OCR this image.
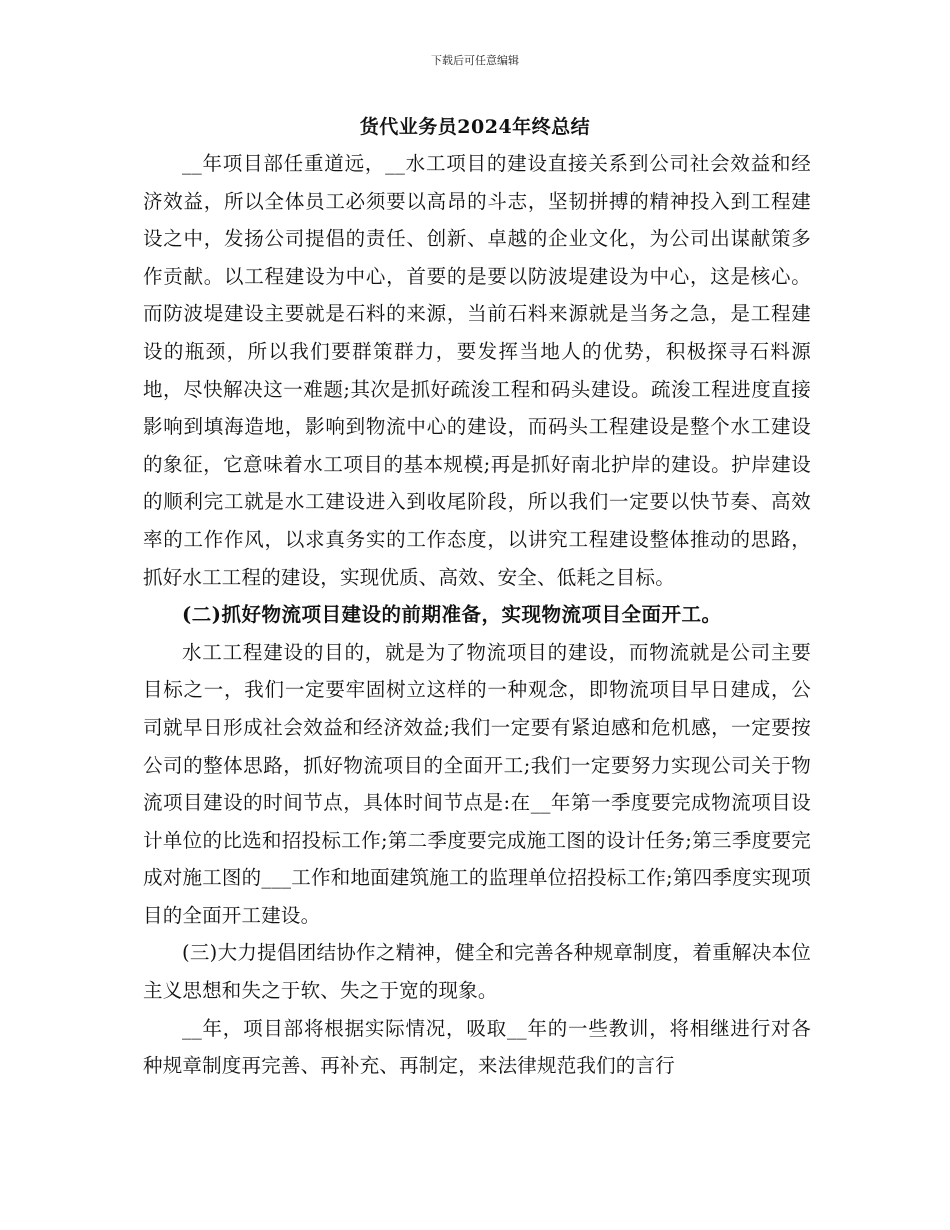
下载后可任意编辑
货代业务员2024年终总结

__年项目部任重道远，__水工项目的建设直接关系到公司社会效益和经济效益，所以全体员工必须要以高昂的斗志，坚韧拼搏的精神投入到工程建设之中，发扬公司提倡的责任、创新、卓越的企业文化，为公司出谋献策多作贡献。以工程建设为中心，首要的是要以防波堤建设为中心，这是核心。而防波堤建设主要就是石料的来源，当前石料来源就是当务之急，是工程建设的瓶颈，所以我们要群策群力，要发挥当地人的优势，积极探寻石料源地，尽快解决这一难题;其次是抓好疏浚工程和码头建设。疏浚工程进度直接影响到填海造地，影响到物流中心的建设，而码头工程建设是整个水工建设的象征，它意味着水工项目的基本规模;再是抓好南北护岸的建设。护岸建设的顺利完工就是水工建设进入到收尾阶段，所以我们一定要以快节奏、高效率的工作作风，以求真务实的工作态度，以讲究工程建设整体推动的思路，抓好水工工程的建设，实现优质、高效、安全、低耗之目标。

(二)抓好物流项目建设的前期准备，实现物流项目全面开工。

水工工程建设的目的，就是为了物流项目的建设，而物流就是公司主要目标之一，我们一定要牢固树立这样的一种观念，即物流项目早日建成，公司就早日形成社会效益和经济效益;我们一定要有紧迫感和危机感，一定要按公司的整体思路，抓好物流项目的全面开工;我们一定要努力实现公司关于物流项目建设的时间节点，具体时间节点是:在__年第一季度要完成物流项目设计单位的比选和招投标工作;第二季度要完成施工图的设计任务;第三季度要完成对施工图的___工作和地面建筑施工的监理单位招投标工作;第四季度实现项目的全面开工建设。

(三)大力提倡团结协作之精神，健全和完善各种规章制度，着重解决本位主义思想和失之于软、失之于宽的现象。

__年，项目部将根据实际情况，吸取__年的一些教训，将相继进行对各种规章制度再完善、再补充、再制定，来法律规范我们的言行
